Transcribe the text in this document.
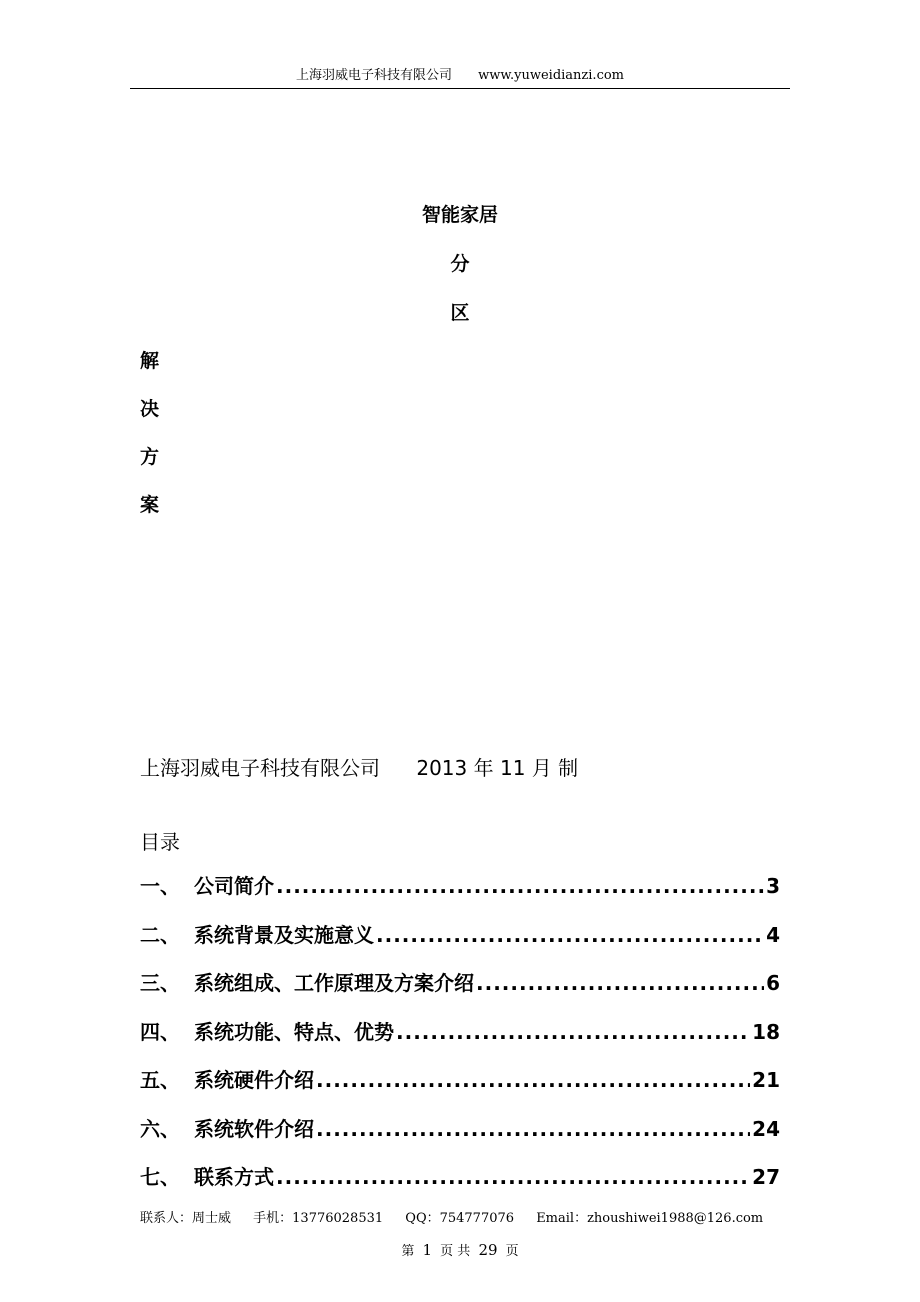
上海羽威电子科技有限公司 www.yuweidianzi.com
智能家居
分
区
解
决
方
案
上海羽威电子科技有限公司 2013 年 11 月 制
目录
一、 公司简介 .....	3
二、 系统背景及实施意义 .....	4
三、 系统组成、工作原理及方案介绍 .....	6
四、 系统功能、特点、优势 .....	18
五、 系统硬件介绍 .....	21
六、 系统软件介绍 .....	24
七、 联系方式 .....	27
联系人：周士威 手机：13776028531 QQ：754777076 Email：zhoushiwei1988@126.com
第 1 页 共 29 页
